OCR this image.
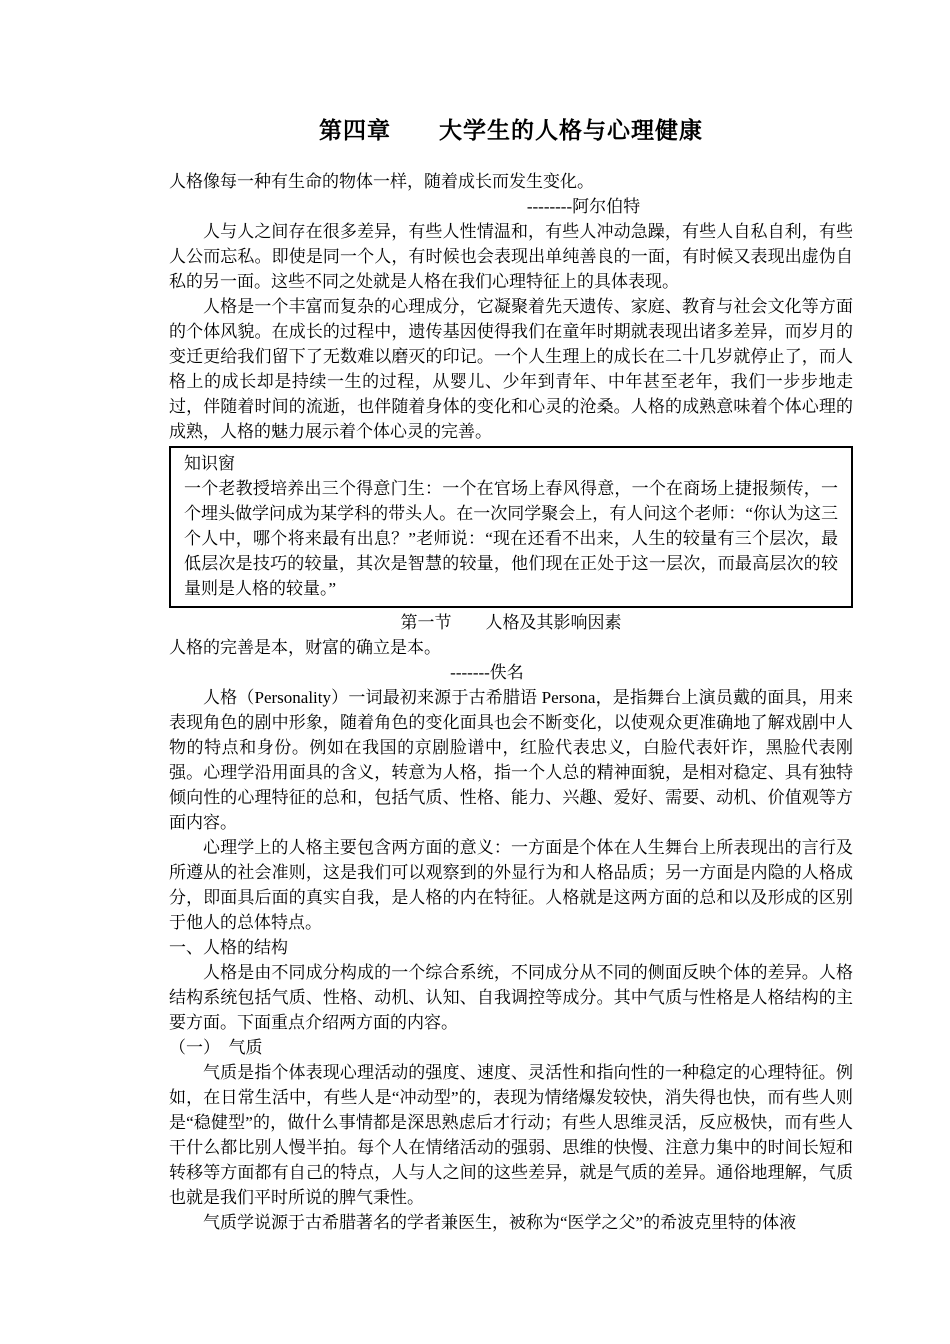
第四章　　大学生的人格与心理健康

人格像每一种有生命的物体一样，随着成长而发生变化。

--------阿尔伯特

人与人之间存在很多差异，有些人性情温和，有些人冲动急躁，有些人自私自利，有些人公而忘私。即使是同一个人，有时候也会表现出单纯善良的一面，有时候又表现出虚伪自私的另一面。这些不同之处就是人格在我们心理特征上的具体表现。

人格是一个丰富而复杂的心理成分，它凝聚着先天遗传、家庭、教育与社会文化等方面的个体风貌。在成长的过程中，遗传基因使得我们在童年时期就表现出诸多差异，而岁月的变迁更给我们留下了无数难以磨灭的印记。一个人生理上的成长在二十几岁就停止了，而人格上的成长却是持续一生的过程，从婴儿、少年到青年、中年甚至老年，我们一步步地走过，伴随着时间的流逝，也伴随着身体的变化和心灵的沧桑。人格的成熟意味着个体心理的成熟，人格的魅力展示着个体心灵的完善。

知识窗
一个老教授培养出三个得意门生：一个在官场上春风得意，一个在商场上捷报频传，一个埋头做学问成为某学科的带头人。在一次同学聚会上，有人问这个老师：“你认为这三个人中，哪个将来最有出息？”老师说：“现在还看不出来，人生的较量有三个层次，最低层次是技巧的较量，其次是智慧的较量，他们现在正处于这一层次，而最高层次的较量则是人格的较量。”
第一节　　人格及其影响因素

人格的完善是本，财富的确立是本。

-------佚名

人格（Personality）一词最初来源于古希腊语 Persona，是指舞台上演员戴的面具，用来表现角色的剧中形象，随着角色的变化面具也会不断变化，以使观众更准确地了解戏剧中人物的特点和身份。例如在我国的京剧脸谱中，红脸代表忠义，白脸代表奸诈，黑脸代表刚强。心理学沿用面具的含义，转意为人格，指一个人总的精神面貌，是相对稳定、具有独特倾向性的心理特征的总和，包括气质、性格、能力、兴趣、爱好、需要、动机、价值观等方面内容。

心理学上的人格主要包含两方面的意义：一方面是个体在人生舞台上所表现出的言行及所遵从的社会准则，这是我们可以观察到的外显行为和人格品质；另一方面是内隐的人格成分，即面具后面的真实自我，是人格的内在特征。人格就是这两方面的总和以及形成的区别于他人的总体特点。

一、人格的结构

人格是由不同成分构成的一个综合系统，不同成分从不同的侧面反映个体的差异。人格结构系统包括气质、性格、动机、认知、自我调控等成分。其中气质与性格是人格结构的主要方面。下面重点介绍两方面的内容。

（一）　气质

气质是指个体表现心理活动的强度、速度、灵活性和指向性的一种稳定的心理特征。例如，在日常生活中，有些人是“冲动型”的，表现为情绪爆发较快，消失得也快，而有些人则是“稳健型”的，做什么事情都是深思熟虑后才行动；有些人思维灵活，反应极快，而有些人干什么都比别人慢半拍。每个人在情绪活动的强弱、思维的快慢、注意力集中的时间长短和转移等方面都有自己的特点，人与人之间的这些差异，就是气质的差异。通俗地理解，气质也就是我们平时所说的脾气秉性。

气质学说源于古希腊著名的学者兼医生，被称为“医学之父”的希波克里特的体液
